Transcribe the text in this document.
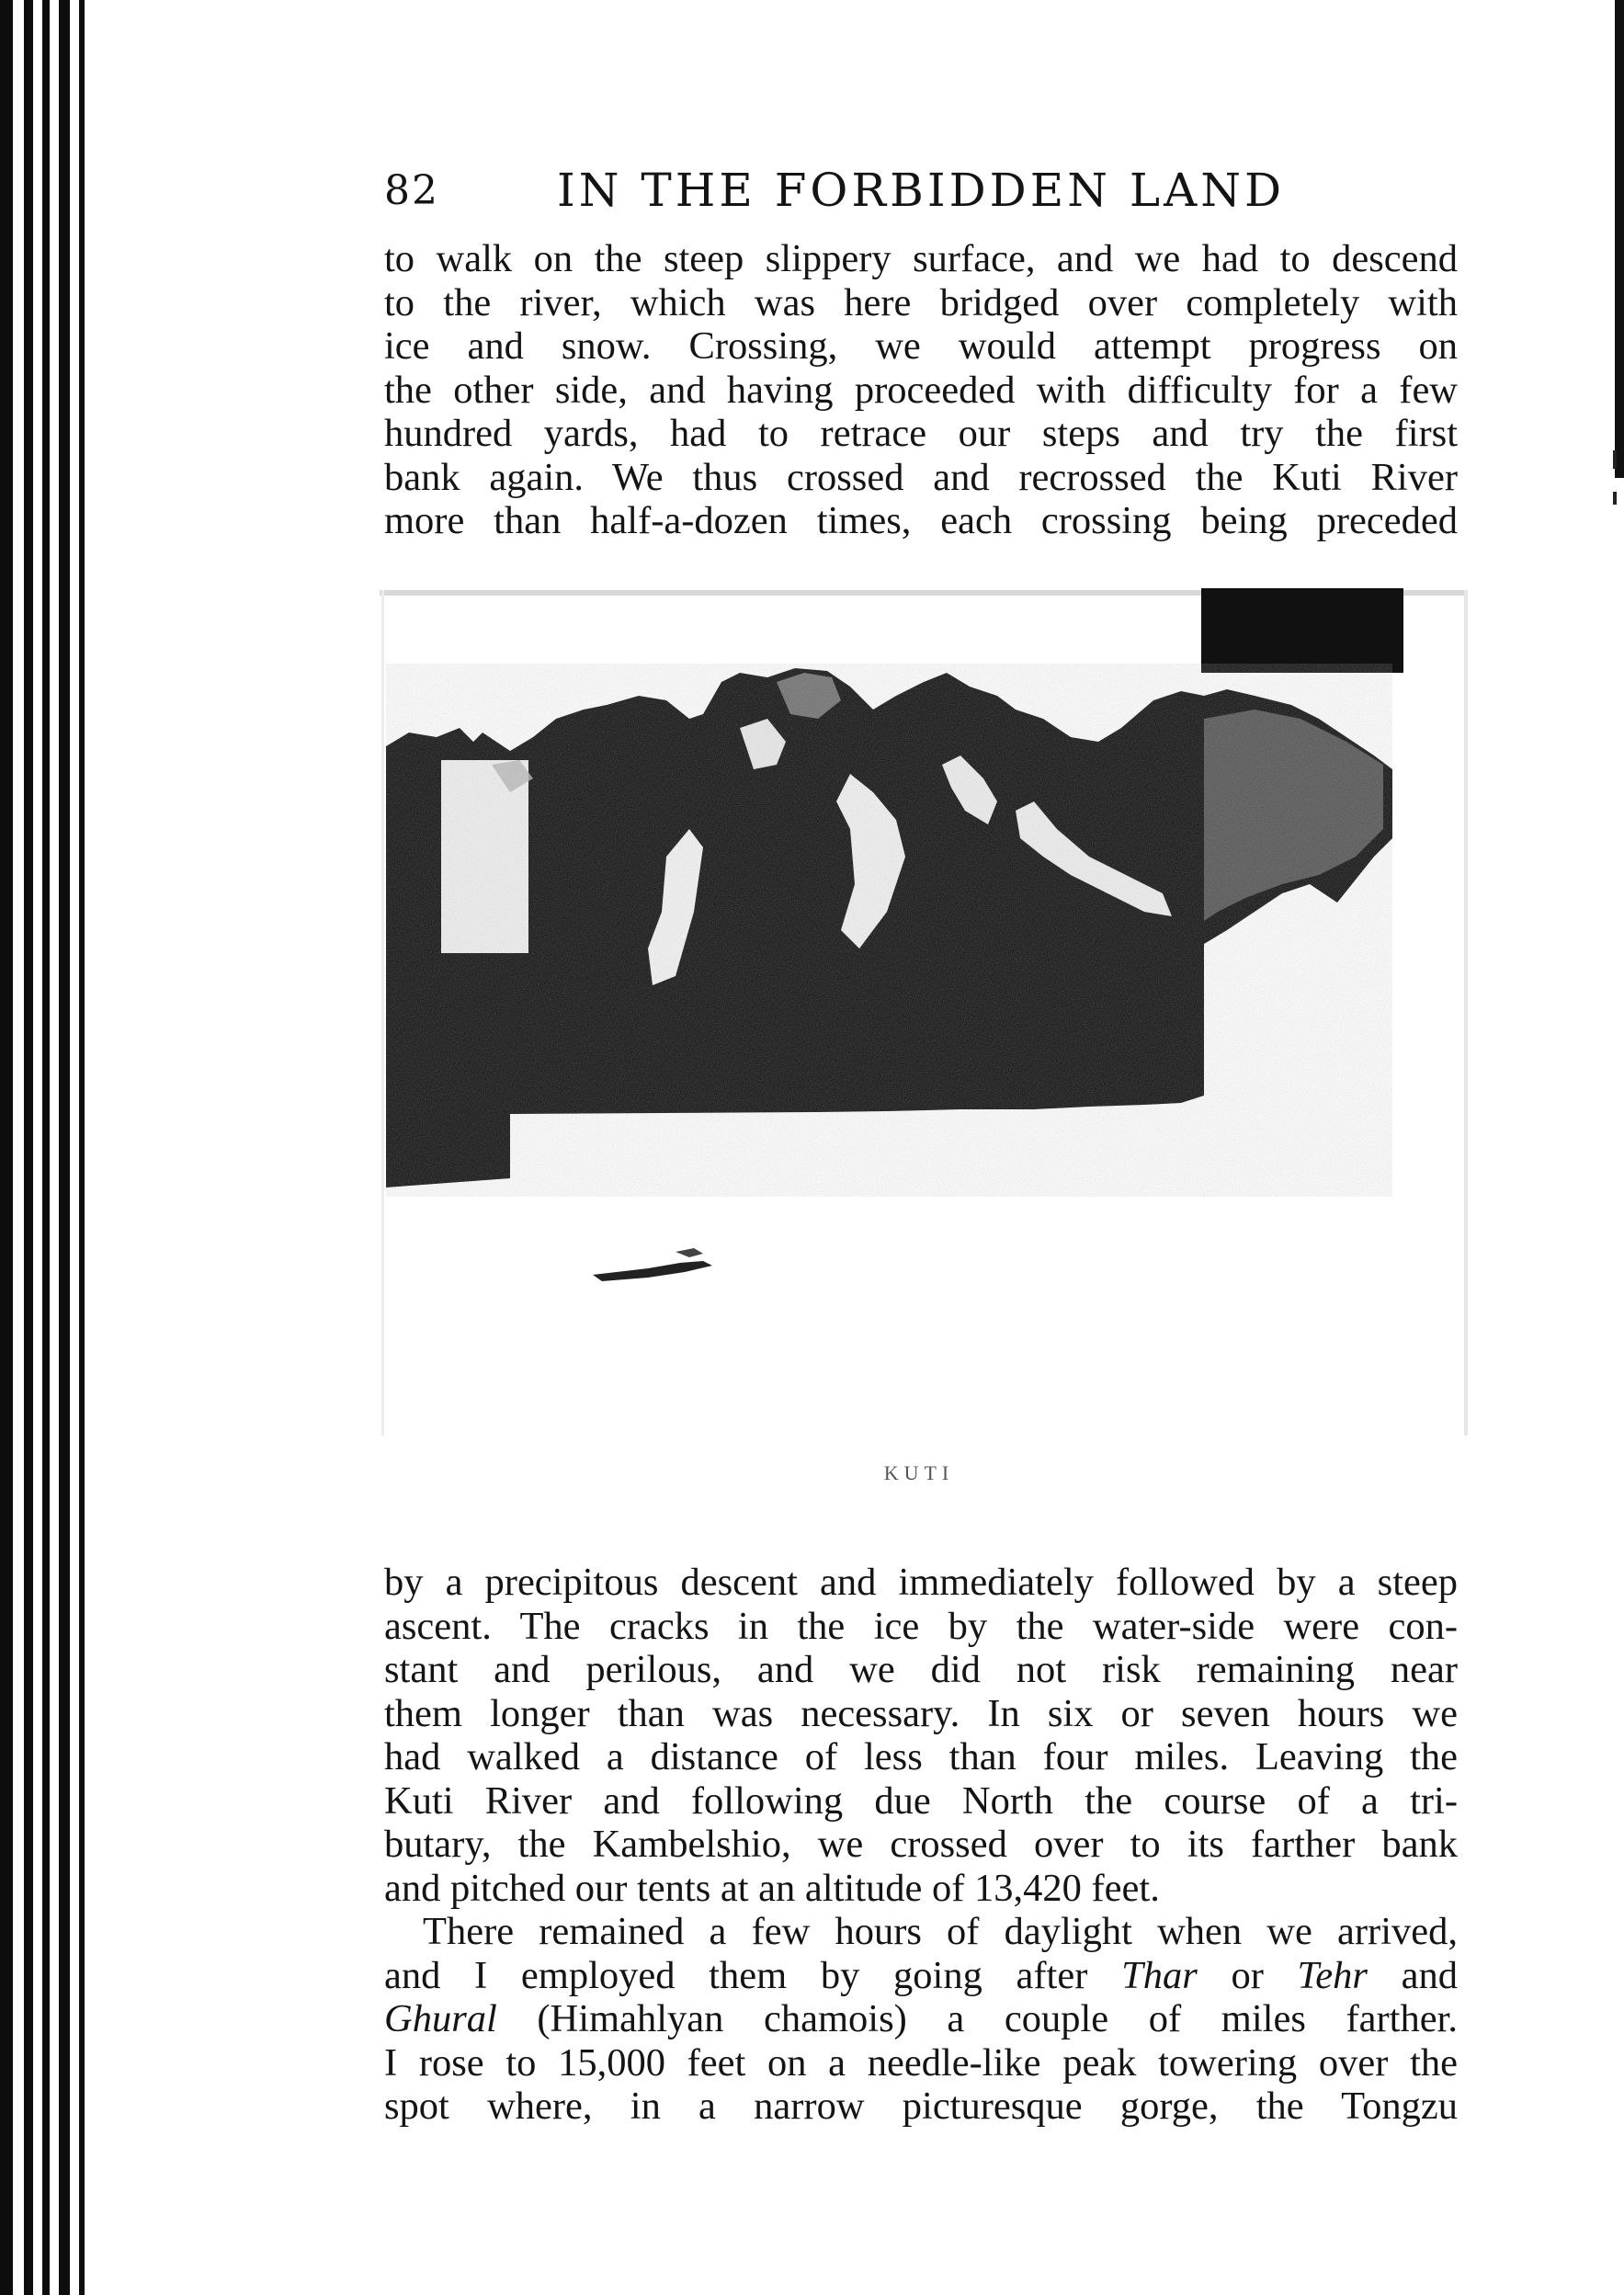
82	IN THE FORBIDDEN LAND
to walk on the steep slippery surface, and we had to descend
to the river, which was here bridged over completely with
ice and snow. Crossing, we would attempt progress on
the other side, and having proceeded with difficulty for a few
hundred yards, had to retrace our steps and try the first
bank again. We thus crossed and recrossed the Kuti River
more than half-a-dozen times, each crossing being preceded
KUTI
by a precipitous descent and immediately followed by a steep
ascent. The cracks in the ice by the water-side were con-
stant and perilous, and we did not risk remaining near
them longer than was necessary. In six or seven hours we
had walked a distance of less than four miles. Leaving the
Kuti River and following due North the course of a tri-
butary, the Kambelshio, we crossed over to its farther bank
and pitched our tents at an altitude of 13,420 feet.
There remained a few hours of daylight when we arrived,
and I employed them by going after Thar or Tehr and
Ghural (Himahlyan chamois) a couple of miles farther.
I rose to 15,000 feet on a needle-like peak towering over the
spot where, in a narrow picturesque gorge, the Tongzu
